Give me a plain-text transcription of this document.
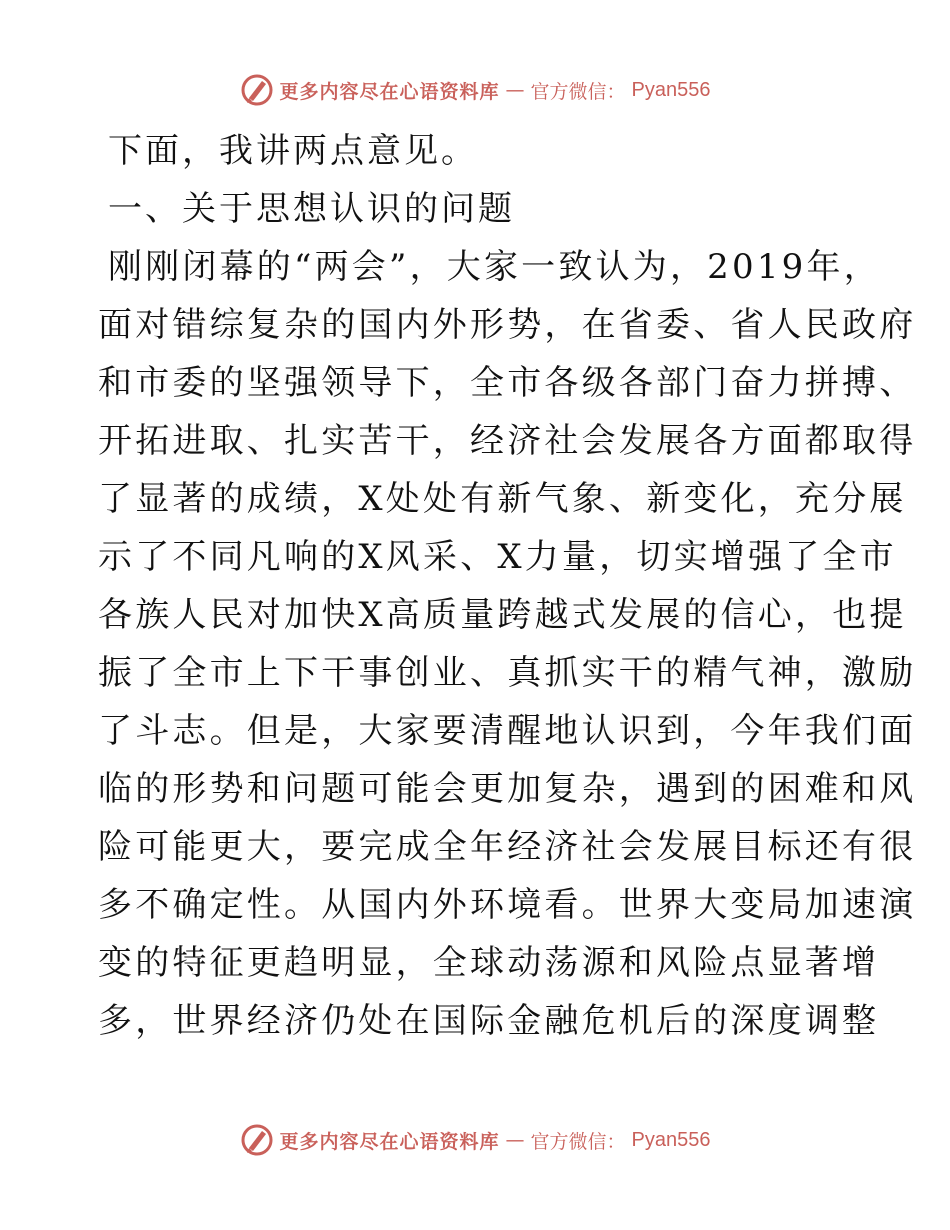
更多内容尽在心语资料库 — 官方微信： Pyan556

下面，我讲两点意见。

一、关于思想认识的问题

刚刚闭幕的“两会”，大家一致认为，2019年，

面对错综复杂的国内外形势，在省委、省人民政府

和市委的坚强领导下，全市各级各部门奋力拼搏、

开拓进取、扎实苦干，经济社会发展各方面都取得

了显著的成绩，X处处有新气象、新变化，充分展

示了不同凡响的X风采、X力量，切实增强了全市

各族人民对加快X高质量跨越式发展的信心，也提

振了全市上下干事创业、真抓实干的精气神，激励

了斗志。但是，大家要清醒地认识到，今年我们面

临的形势和问题可能会更加复杂，遇到的困难和风

险可能更大，要完成全年经济社会发展目标还有很

多不确定性。从国内外环境看。世界大变局加速演

变的特征更趋明显，全球动荡源和风险点显著增

多，世界经济仍处在国际金融危机后的深度调整

更多内容尽在心语资料库 — 官方微信： Pyan556
